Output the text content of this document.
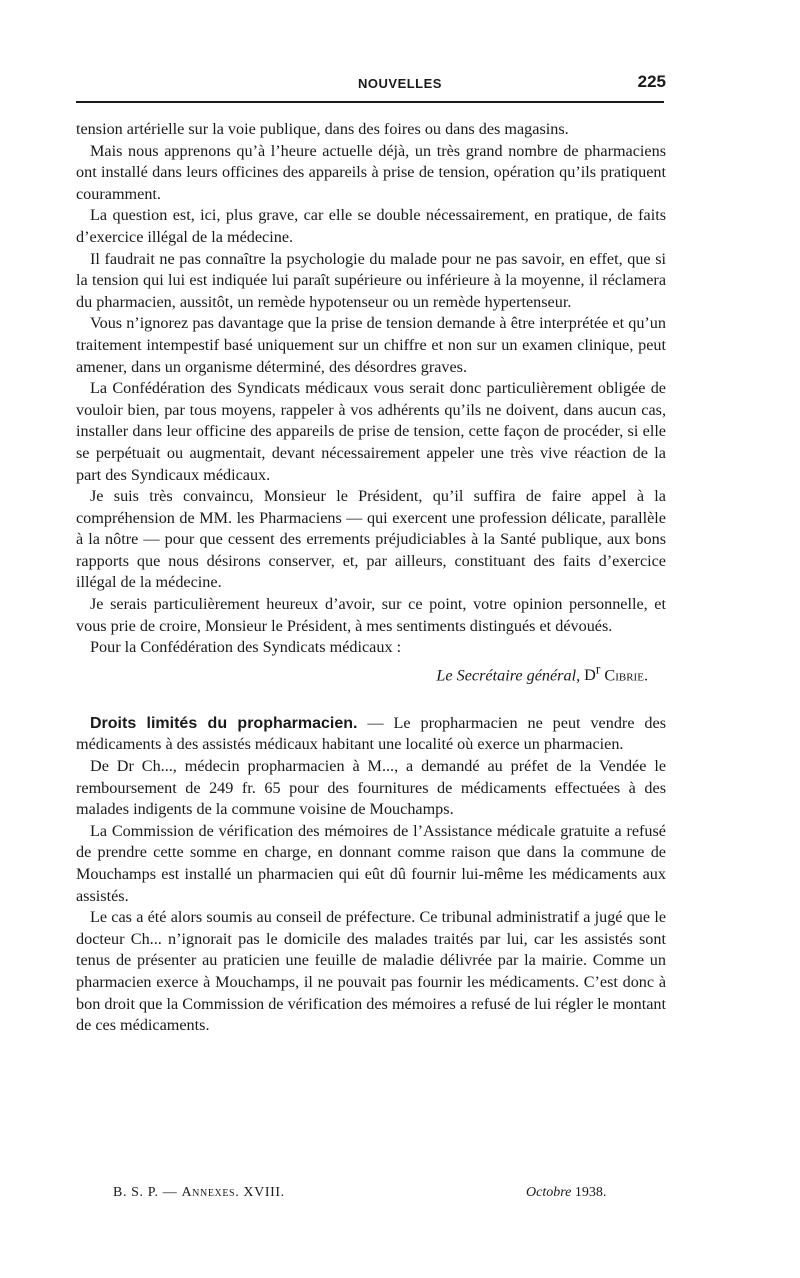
NOUVELLES	225

tension artérielle sur la voie publique, dans des foires ou dans des magasins.

Mais nous apprenons qu’à l’heure actuelle déjà, un très grand nombre de pharmaciens ont installé dans leurs officines des appareils à prise de tension, opération qu’ils pratiquent couramment.

La question est, ici, plus grave, car elle se double nécessairement, en pratique, de faits d’exercice illégal de la médecine.

Il faudrait ne pas connaître la psychologie du malade pour ne pas savoir, en effet, que si la tension qui lui est indiquée lui paraît supérieure ou inférieure à la moyenne, il réclamera du pharmacien, aussitôt, un remède hypotenseur ou un remède hypertenseur.

Vous n’ignorez pas davantage que la prise de tension demande à être interprétée et qu’un traitement intempestif basé uniquement sur un chiffre et non sur un examen clinique, peut amener, dans un organisme déterminé, des désordres graves.

La Confédération des Syndicats médicaux vous serait donc particulièrement obligée de vouloir bien, par tous moyens, rappeler à vos adhérents qu’ils ne doivent, dans aucun cas, installer dans leur officine des appareils de prise de tension, cette façon de procéder, si elle se perpétuait ou augmentait, devant nécessairement appeler une très vive réaction de la part des Syndicaux médicaux.

Je suis très convaincu, Monsieur le Président, qu’il suffira de faire appel à la compréhension de MM. les Pharmaciens — qui exercent une profession délicate, parallèle à la nôtre — pour que cessent des errements préjudiciables à la Santé publique, aux bons rapports que nous désirons conserver, et, par ailleurs, constituant des faits d’exercice illégal de la médecine.

Je serais particulièrement heureux d’avoir, sur ce point, votre opinion personnelle, et vous prie de croire, Monsieur le Président, à mes sentiments distingués et dévoués.

Pour la Confédération des Syndicats médicaux :

Le Secrétaire général, $D^r$ Cibrie.

Droits limités du propharmacien. — Le propharmacien ne peut vendre des médicaments à des assistés médicaux habitant une localité où exerce un pharmacien.

De Dr Ch..., médecin propharmacien à M..., a demandé au préfet de la Vendée le remboursement de 249 fr. 65 pour des fournitures de médicaments effectuées à des malades indigents de la commune voisine de Mouchamps.

La Commission de vérification des mémoires de l’Assistance médicale gratuite a refusé de prendre cette somme en charge, en donnant comme raison que dans la commune de Mouchamps est installé un pharmacien qui eût dû fournir lui-même les médicaments aux assistés.

Le cas a été alors soumis au conseil de préfecture. Ce tribunal administratif a jugé que le docteur Ch... n’ignorait pas le domicile des malades traités par lui, car les assistés sont tenus de présenter au praticien une feuille de maladie délivrée par la mairie. Comme un pharmacien exerce à Mouchamps, il ne pouvait pas fournir les médicaments. C’est donc à bon droit que la Commission de vérification des mémoires a refusé de lui régler le montant de ces médicaments.

B. S. P. — Annexes. XVIII.	Octobre 1938.
